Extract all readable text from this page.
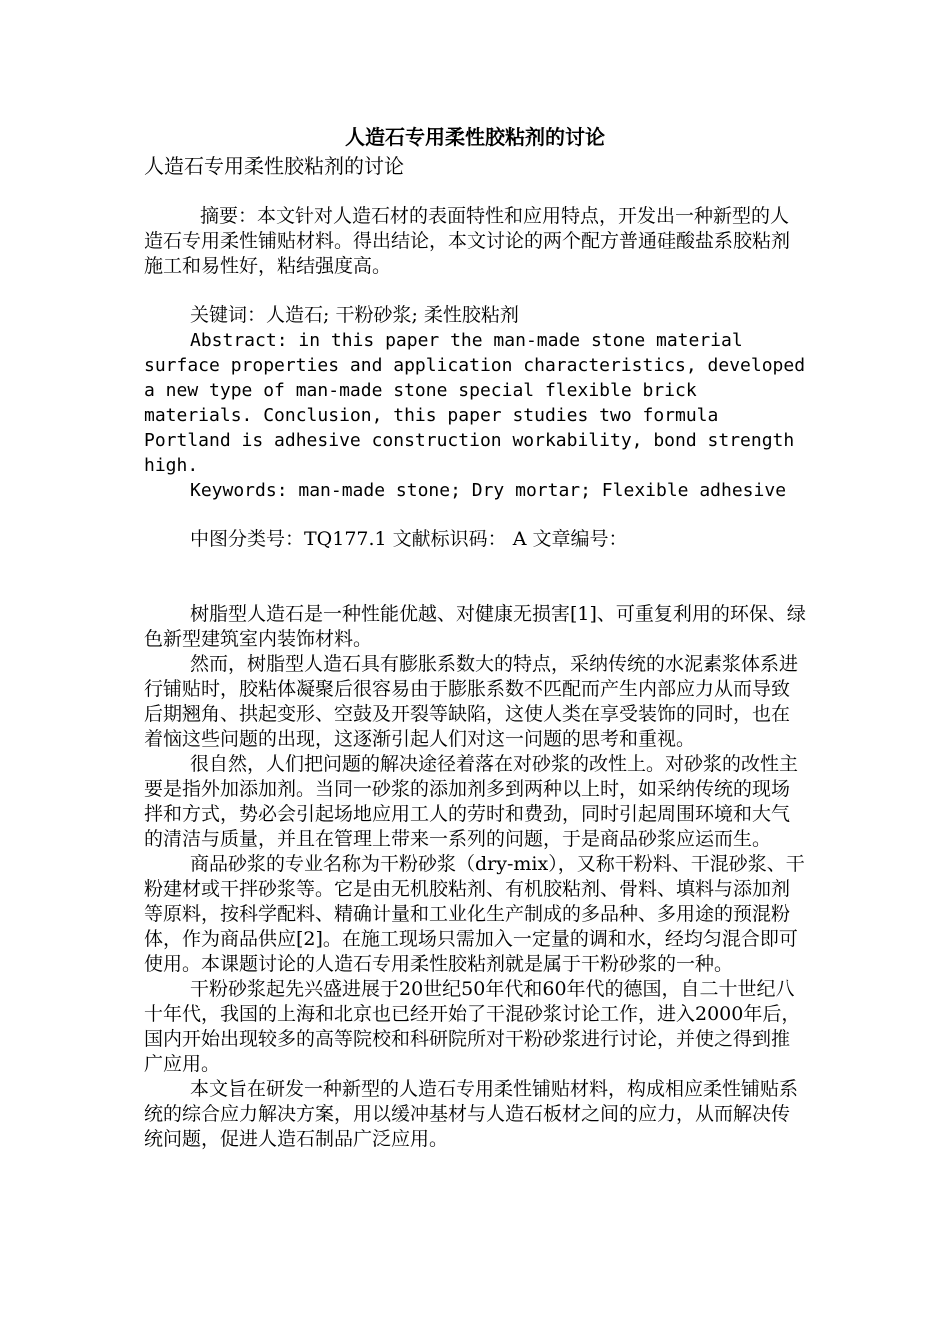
人造石专用柔性胶粘剂的讨论
人造石专用柔性胶粘剂的讨论

摘要：本文针对人造石材的表面特性和应用特点，开发出一种新型的人造石专用柔性铺贴材料。得出结论，本文讨论的两个配方普通硅酸盐系胶粘剂施工和易性好，粘结强度高。

关键词：人造石; 干粉砂浆; 柔性胶粘剂

Abstract: in this paper the man-made stone material surface properties and application characteristics, developed a new type of man-made stone special flexible brick materials. Conclusion, this paper studies two formula Portland is adhesive construction workability, bond strength high.

Keywords: man-made stone; Dry mortar; Flexible adhesive

中图分类号：TQ177.1 文献标识码： A 文章编号：

树脂型人造石是一种性能优越、对健康无损害[1]、可重复利用的环保、绿色新型建筑室内装饰材料。

然而，树脂型人造石具有膨胀系数大的特点，采纳传统的水泥素浆体系进行铺贴时，胶粘体凝聚后很容易由于膨胀系数不匹配而产生内部应力从而导致后期翘角、拱起变形、空鼓及开裂等缺陷，这使人类在享受装饰的同时，也在着恼这些问题的出现，这逐渐引起人们对这一问题的思考和重视。

很自然，人们把问题的解决途径着落在对砂浆的改性上。对砂浆的改性主要是指外加添加剂。当同一砂浆的添加剂多到两种以上时，如采纳传统的现场拌和方式，势必会引起场地应用工人的劳时和费劲，同时引起周围环境和大气的清洁与质量，并且在管理上带来一系列的问题，于是商品砂浆应运而生。

商品砂浆的专业名称为干粉砂浆（dry-mix），又称干粉料、干混砂浆、干粉建材或干拌砂浆等。它是由无机胶粘剂、有机胶粘剂、骨料、填料与添加剂等原料，按科学配料、精确计量和工业化生产制成的多品种、多用途的预混粉体，作为商品供应[2]。在施工现场只需加入一定量的调和水，经均匀混合即可使用。本课题讨论的人造石专用柔性胶粘剂就是属于干粉砂浆的一种。

干粉砂浆起先兴盛进展于20世纪50年代和60年代的德国，自二十世纪八十年代，我国的上海和北京也已经开始了干混砂浆讨论工作，进入2000年后，国内开始出现较多的高等院校和科研院所对干粉砂浆进行讨论，并使之得到推广应用。

本文旨在研发一种新型的人造石专用柔性铺贴材料，构成相应柔性铺贴系统的综合应力解决方案，用以缓冲基材与人造石板材之间的应力，从而解决传统问题，促进人造石制品广泛应用。
